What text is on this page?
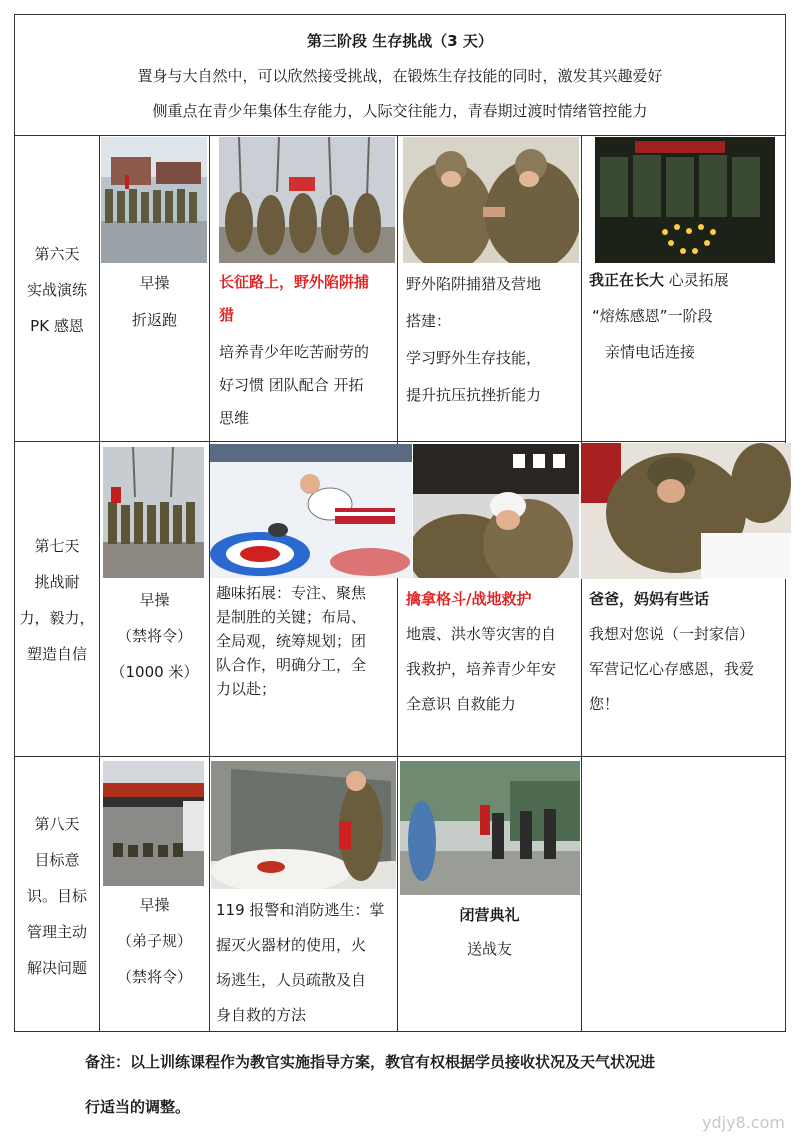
第三阶段 生存挑战（3 天）
置身与大自然中，可以欣然接受挑战，在锻炼生存技能的同时，激发其兴趣爱好
侧重点在青少年集体生存能力，人际交往能力，青春期过渡时情绪管控能力
第六天
实战演练
PK 感恩
早操
折返跑
长征路上，野外陷阱捕
猎
培养青少年吃苦耐劳的
好习惯 团队配合 开拓
思维
野外陷阱捕猎及营地
搭建：
学习野外生存技能，
提升抗压抗挫折能力
我正在长大 心灵拓展
“熔炼感恩”一阶段
亲情电话连接
第七天
挑战耐
力，毅力，
塑造自信
早操
（禁将令）
（1000 米）
趣味拓展：专注、聚焦
是制胜的关键；布局、
全局观，统筹规划；团
队合作，明确分工，全
力以赴；
擒拿格斗/战地救护
地震、洪水等灾害的自
我救护，培养青少年安
全意识 自救能力
爸爸，妈妈有些话
我想对您说（一封家信）
军营记忆心存感恩，我爱
您！
第八天
目标意
识。目标
管理主动
解决问题
早操
（弟子规）
（禁将令）
119 报警和消防逃生：掌
握灭火器材的使用，火
场逃生，人员疏散及自
身自救的方法
闭营典礼
送战友
备注：以上训练课程作为教官实施指导方案，教官有权根据学员接收状况及天气状况进
行适当的调整。
ydjy8.com
